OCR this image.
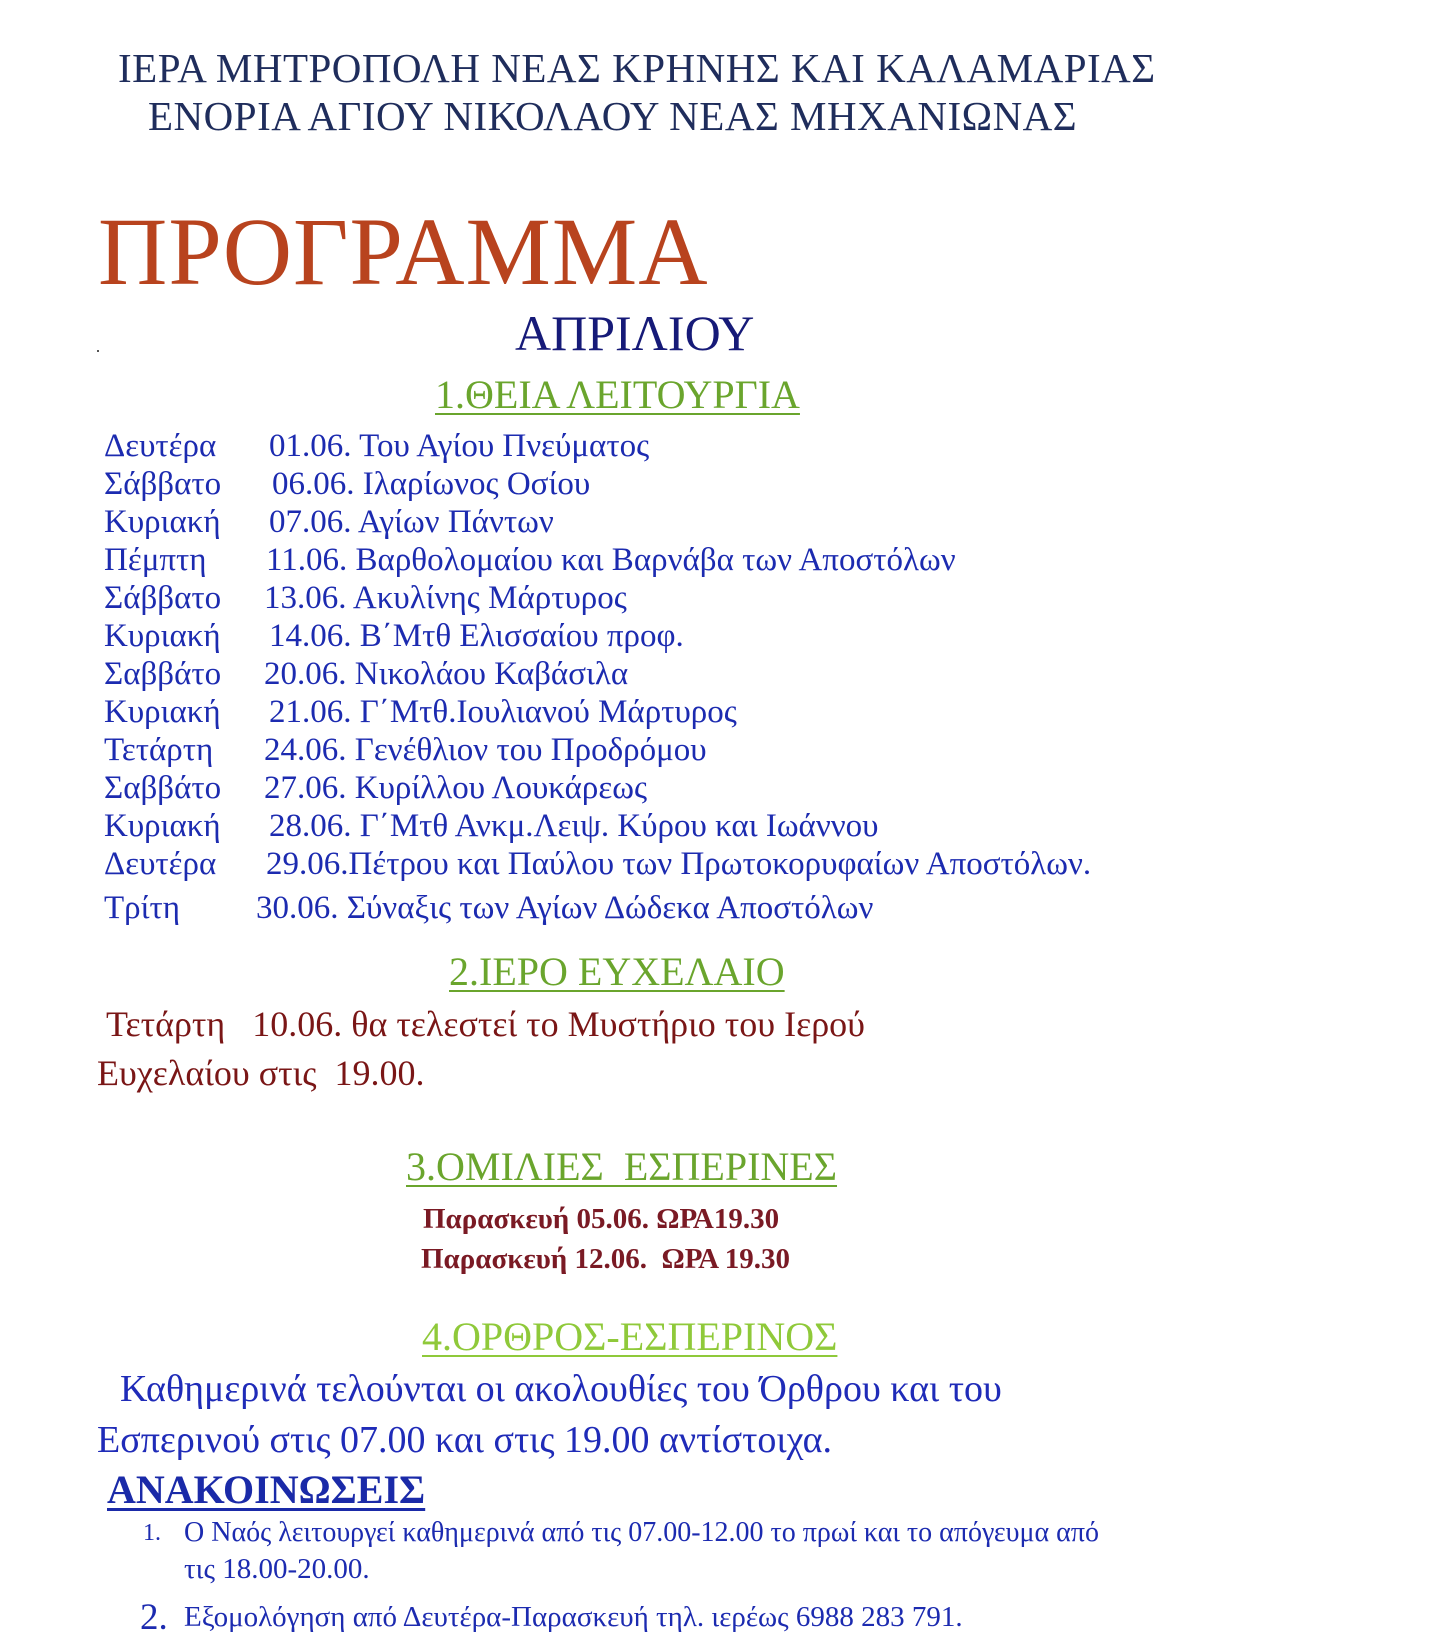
ΙΕΡΑ ΜΗΤΡΟΠΟΛΗ ΝΕΑΣ ΚΡΗΝΗΣ ΚΑΙ ΚΑΛΑΜΑΡΙΑΣ
ΕΝΟΡΙΑ ΑΓΙΟΥ ΝΙΚΟΛΑΟΥ ΝΕΑΣ ΜΗΧΑΝΙΩΝΑΣ
ΠΡΟΓΡΑΜΜΑ
ΑΠΡΙΛΙΟΥ
1.ΘΕΙΑ ΛΕΙΤΟΥΡΓΙΑ
Δευτέρα 01.06. Του Αγίου Πνεύματος
Σάββατο 06.06. Ιλαρίωνος Οσίου
Κυριακή 07.06. Αγίων Πάντων
Πέμπτη 11.06. Βαρθολομαίου και Βαρνάβα των Αποστόλων
Σάββατο 13.06. Ακυλίνης Μάρτυρος
Κυριακή 14.06. Β΄Μτθ Ελισσαίου προφ.
Σαββάτο 20.06. Νικολάου Καβάσιλα
Κυριακή 21.06. Γ΄Μτθ.Ιουλιανού Μάρτυρος
Τετάρτη 24.06. Γενέθλιον του Προδρόμου
Σαββάτο 27.06. Κυρίλλου Λουκάρεως
Κυριακή 28.06. Γ΄Μτθ Ανκμ.Λειψ. Κύρου και Ιωάννου
Δευτέρα 29.06.Πέτρου και Παύλου των Πρωτοκορυφαίων Αποστόλων.
Τρίτη 30.06. Σύναξις των Αγίων Δώδεκα Αποστόλων
2.ΙΕΡΟ ΕΥΧΕΛΑΙΟ
Τετάρτη   10.06. θα τελεστεί το Μυστήριο του Ιερού
Ευχελαίου στις  19.00.
3.ΟΜΙΛΙΕΣ  ΕΣΠΕΡΙΝΕΣ
Παρασκευή 05.06. ΩΡΑ19.30
Παρασκευή 12.06.  ΩΡΑ 19.30
4.ΟΡΘΡΟΣ-ΕΣΠΕΡΙΝΟΣ
Καθημερινά τελούνται οι ακολουθίες του Όρθρου και του
Εσπερινού στις 07.00 και στις 19.00 αντίστοιχα.
ΑΝΑΚΟΙΝΩΣΕΙΣ
1. Ο Ναός λειτουργεί καθημερινά από τις 07.00-12.00 το πρωί και το απόγευμα από
τις 18.00-20.00.
2. Εξομολόγηση από Δευτέρα-Παρασκευή τηλ. ιερέως 6988 283 791.
